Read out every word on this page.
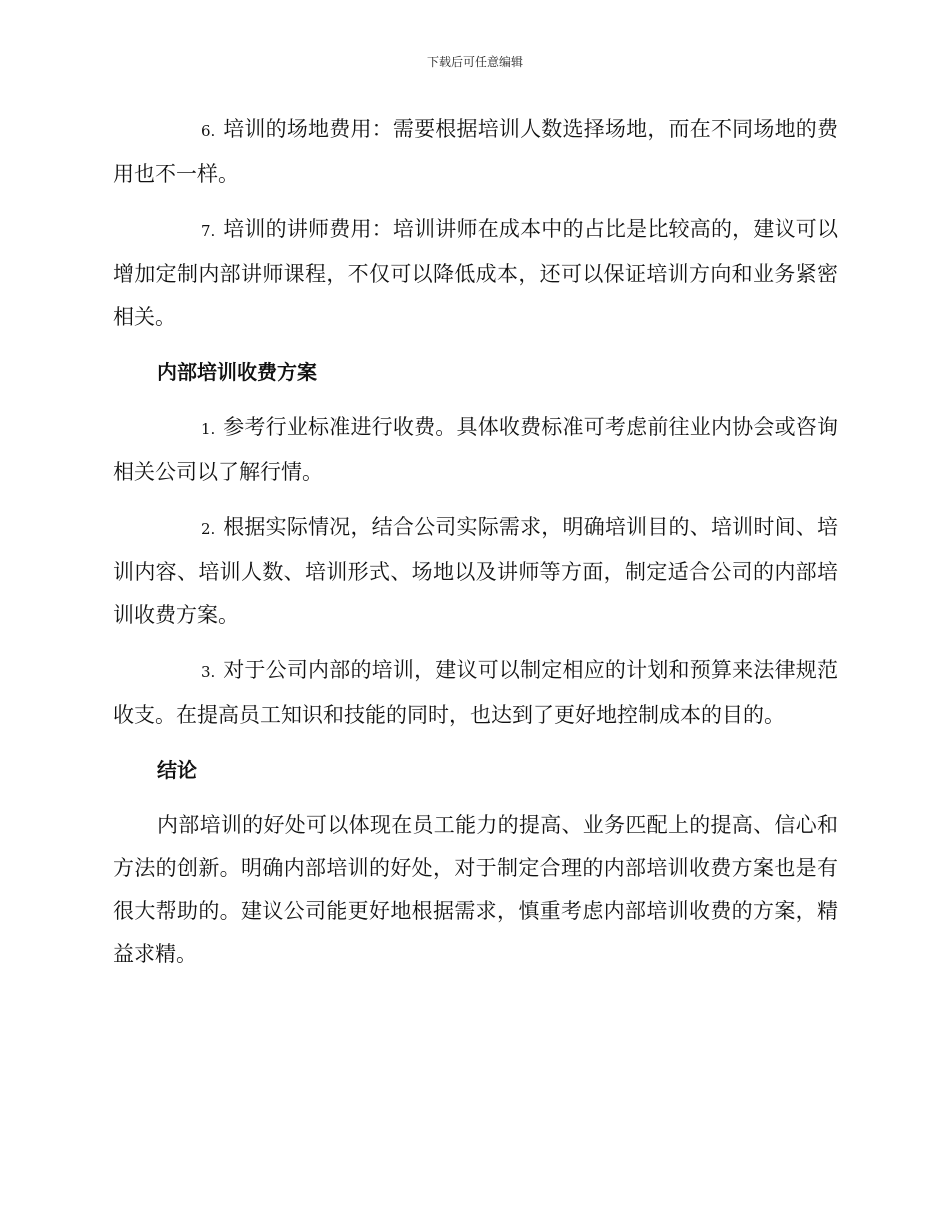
下载后可任意编辑

6. 培训的场地费用：需要根据培训人数选择场地，而在不同场地的费用也不一样。

7. 培训的讲师费用：培训讲师在成本中的占比是比较高的，建议可以增加定制内部讲师课程，不仅可以降低成本，还可以保证培训方向和业务紧密相关。

内部培训收费方案

1. 参考行业标准进行收费。具体收费标准可考虑前往业内协会或咨询相关公司以了解行情。

2. 根据实际情况，结合公司实际需求，明确培训目的、培训时间、培训内容、培训人数、培训形式、场地以及讲师等方面，制定适合公司的内部培训收费方案。

3. 对于公司内部的培训，建议可以制定相应的计划和预算来法律规范收支。在提高员工知识和技能的同时，也达到了更好地控制成本的目的。

结论

内部培训的好处可以体现在员工能力的提高、业务匹配上的提高、信心和方法的创新。明确内部培训的好处，对于制定合理的内部培训收费方案也是有很大帮助的。建议公司能更好地根据需求，慎重考虑内部培训收费的方案，精益求精。
